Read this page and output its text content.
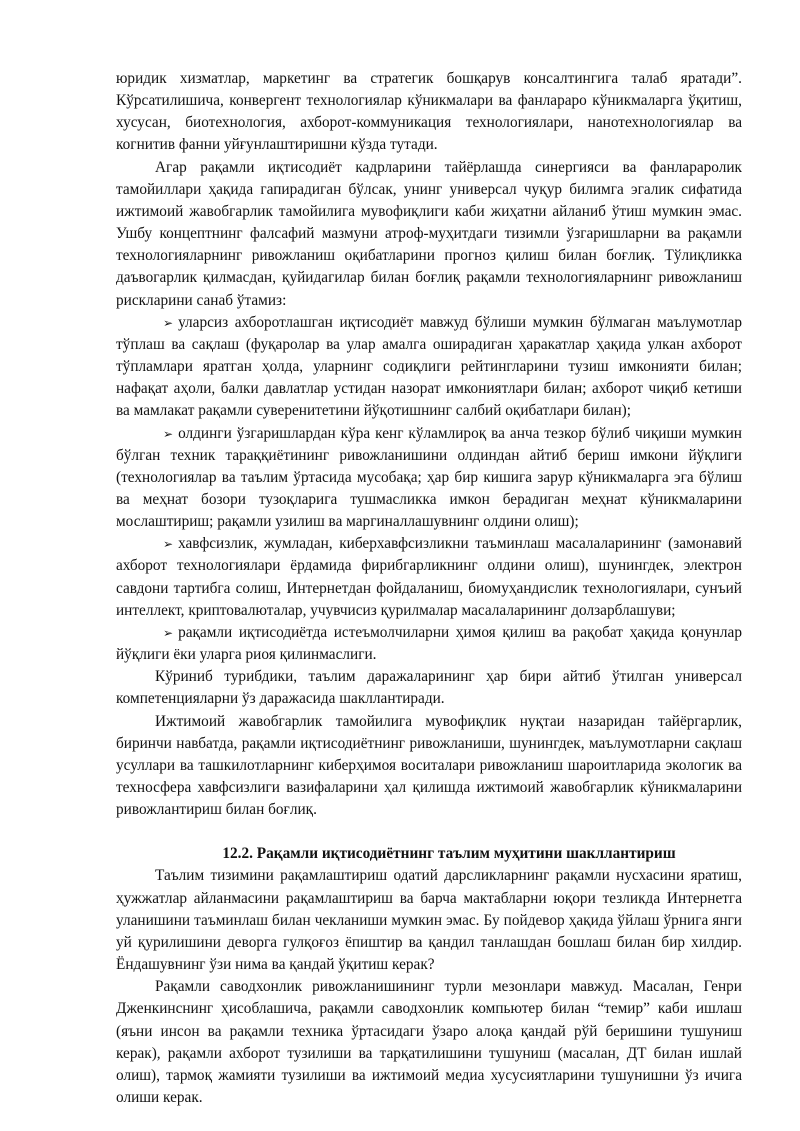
юридик хизматлар, маркетинг ва стратегик бошқарув консалтингига талаб яратади”. Кўрсатилишича, конвергент технологиялар кўникмалари ва фанлараро кўникмаларга ўқитиш, хусусан, биотехнология, ахборот-коммуникация технологиялари, нанотехнологиялар ва когнитив фанни уйғунлаштиришни кўзда тутади.

Агар рақамли иқтисодиёт кадрларини тайёрлашда синергияси ва фанлараролик тамойиллари ҳақида гапирадиган бўлсак, унинг универсал чуқур билимга эгалик сифатида ижтимоий жавобгарлик тамойилига мувофиқлиги каби жиҳатни айланиб ўтиш мумкин эмас. Ушбу концептнинг фалсафий мазмуни атроф-муҳитдаги тизимли ўзгаришларни ва рақамли технологияларнинг ривожланиш оқибатларини прогноз қилиш билан боғлиқ. Тўлиқликка даъвогарлик қилмасдан, қуйидагилар билан боғлиқ рақамли технологияларнинг ривожланиш рискларини санаб ўтамиз:

➢ уларсиз ахборотлашган иқтисодиёт мавжуд бўлиши мумкин бўлмаган маълумотлар тўплаш ва сақлаш (фуқаролар ва улар амалга оширадиган ҳаракатлар ҳақида улкан ахборот тўпламлари яратган ҳолда, уларнинг содиқлиги рейтингларини тузиш имконияти билан; нафақат аҳоли, балки давлатлар устидан назорат имкониятлари билан; ахборот чиқиб кетиши ва мамлакат рақамли суверенитетини йўқотишнинг салбий оқибатлари билан);

➢ олдинги ўзгаришлардан кўра кенг кўламлироқ ва анча тезкор бўлиб чиқиши мумкин бўлган техник тараққиётининг ривожланишини олдиндан айтиб бериш имкони йўқлиги (технологиялар ва таълим ўртасида мусобақа; ҳар бир кишига зарур кўникмаларга эга бўлиш ва меҳнат бозори тузоқларига тушмасликка имкон берадиган меҳнат кўникмаларини мослаштириш; рақамли узилиш ва маргиналлашувнинг олдини олиш);

➢ хавфсизлик, жумладан, киберхавфсизликни таъминлаш масалаларининг (замонавий ахборот технологиялари ёрдамида фирибгарликнинг олдини олиш), шунингдек, электрон савдони тартибга солиш, Интернетдан фойдаланиш, биомуҳандислик технологиялари, сунъий интеллект, криптовалюталар, учувчисиз қурилмалар масалаларининг долзарблашуви;

➢ рақамли иқтисодиётда истеъмолчиларни ҳимоя қилиш ва рақобат ҳақида қонунлар йўқлиги ёки уларга риоя қилинмаслиги.

Кўриниб турибдики, таълим даражаларининг ҳар бири айтиб ўтилган универсал компетенцияларни ўз даражасида шакллантиради.

Ижтимоий жавобгарлик тамойилига мувофиқлик нуқтаи назаридан тайёргарлик, биринчи навбатда, рақамли иқтисодиётнинг ривожланиши, шунингдек, маълумотларни сақлаш усуллари ва ташкилотларнинг киберҳимоя воситалари ривожланиш шароитларида экологик ва техносфера хавфсизлиги вазифаларини ҳал қилишда ижтимоий жавобгарлик кўникмаларини ривожлантириш билан боғлиқ.

12.2. Рақамли иқтисодиётнинг таълим муҳитини шакллантириш

Таълим тизимини рақамлаштириш одатий дарсликларнинг рақамли нусхасини яратиш, ҳужжатлар айланмасини рақамлаштириш ва барча мактабларни юқори тезликда Интернетга уланишини таъминлаш билан чекланиши мумкин эмас. Бу пойдевор ҳақида ўйлаш ўрнига янги уй қурилишини деворга гулқоғоз ёпиштир ва қандил танлашдан бошлаш билан бир хилдир. Ёндашувнинг ўзи нима ва қандай ўқитиш керак?

Рақамли саводхонлик ривожланишининг турли мезонлари мавжуд. Масалан, Генри Дженкинснинг ҳисоблашича, рақамли саводхонлик компьютер билан “темир” каби ишлаш (яъни инсон ва рақамли техника ўртасидаги ўзаро алоқа қандай рўй беришини тушуниш керак), рақамли ахборот тузилиши ва тарқатилишини тушуниш (масалан, ДТ билан ишлай олиш), тармоқ жамияти тузилиши ва ижтимоий медиа хусусиятларини тушунишни ўз ичига олиши керак.
